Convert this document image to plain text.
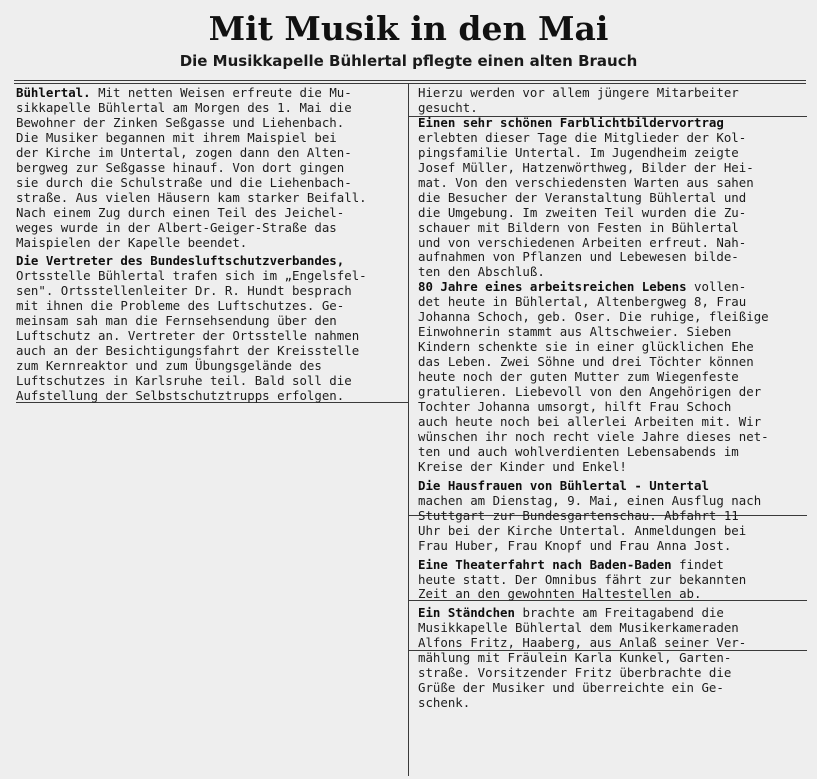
Mit Musik in den Mai
Die Musikkapelle Bühlertal pflegte einen alten Brauch
Bühlertal. Mit netten Weisen erfreute die Mu-
sikkapelle Bühlertal am Morgen des 1. Mai die
Bewohner der Zinken Seßgasse und Liehenbach.
Die Musiker begannen mit ihrem Maispiel bei
der Kirche im Untertal, zogen dann den Alten-
bergweg zur Seßgasse hinauf. Von dort gingen
sie durch die Schulstraße und die Liehenbach-
straße. Aus vielen Häusern kam starker Beifall.
Nach einem Zug durch einen Teil des Jeichel-
weges wurde in der Albert-Geiger-Straße das
Maispielen der Kapelle beendet.
Die Vertreter des Bundesluftschutzverbandes,
Ortsstelle Bühlertal trafen sich im „Engelsfel-
sen". Ortsstellenleiter Dr. R. Hundt besprach
mit ihnen die Probleme des Luftschutzes. Ge-
meinsam sah man die Fernsehsendung über den
Luftschutz an. Vertreter der Ortsstelle nahmen
auch an der Besichtigungsfahrt der Kreisstelle
zum Kernreaktor und zum Übungsgelände des
Luftschutzes in Karlsruhe teil. Bald soll die
Aufstellung der Selbstschutztrupps erfolgen.
Hierzu werden vor allem jüngere Mitarbeiter
gesucht.
Einen sehr schönen Farblichtbildervortrag
erlebten dieser Tage die Mitglieder der Kol-
pingsfamilie Untertal. Im Jugendheim zeigte
Josef Müller, Hatzenwörthweg, Bilder der Hei-
mat. Von den verschiedensten Warten aus sahen
die Besucher der Veranstaltung Bühlertal und
die Umgebung. Im zweiten Teil wurden die Zu-
schauer mit Bildern von Festen in Bühlertal
und von verschiedenen Arbeiten erfreut. Nah-
aufnahmen von Pflanzen und Lebewesen bilde-
ten den Abschluß.
80 Jahre eines arbeitsreichen Lebens vollen-
det heute in Bühlertal, Altenbergweg 8, Frau
Johanna Schoch, geb. Oser. Die ruhige, fleißige
Einwohnerin stammt aus Altschweier. Sieben
Kindern schenkte sie in einer glücklichen Ehe
das Leben. Zwei Söhne und drei Töchter können
heute noch der guten Mutter zum Wiegenfeste
gratulieren. Liebevoll von den Angehörigen der
Tochter Johanna umsorgt, hilft Frau Schoch
auch heute noch bei allerlei Arbeiten mit. Wir
wünschen ihr noch recht viele Jahre dieses net-
ten und auch wohlverdienten Lebensabends im
Kreise der Kinder und Enkel!
Die Hausfrauen von Bühlertal - Untertal
machen am Dienstag, 9. Mai, einen Ausflug nach
Stuttgart zur Bundesgartenschau. Abfahrt 11
Uhr bei der Kirche Untertal. Anmeldungen bei
Frau Huber, Frau Knopf und Frau Anna Jost.
Eine Theaterfahrt nach Baden-Baden findet
heute statt. Der Omnibus fährt zur bekannten
Zeit an den gewohnten Haltestellen ab.
Ein Ständchen brachte am Freitagabend die
Musikkapelle Bühlertal dem Musikerkameraden
Alfons Fritz, Haaberg, aus Anlaß seiner Ver-
mählung mit Fräulein Karla Kunkel, Garten-
straße. Vorsitzender Fritz überbrachte die
Grüße der Musiker und überreichte ein Ge-
schenk.
